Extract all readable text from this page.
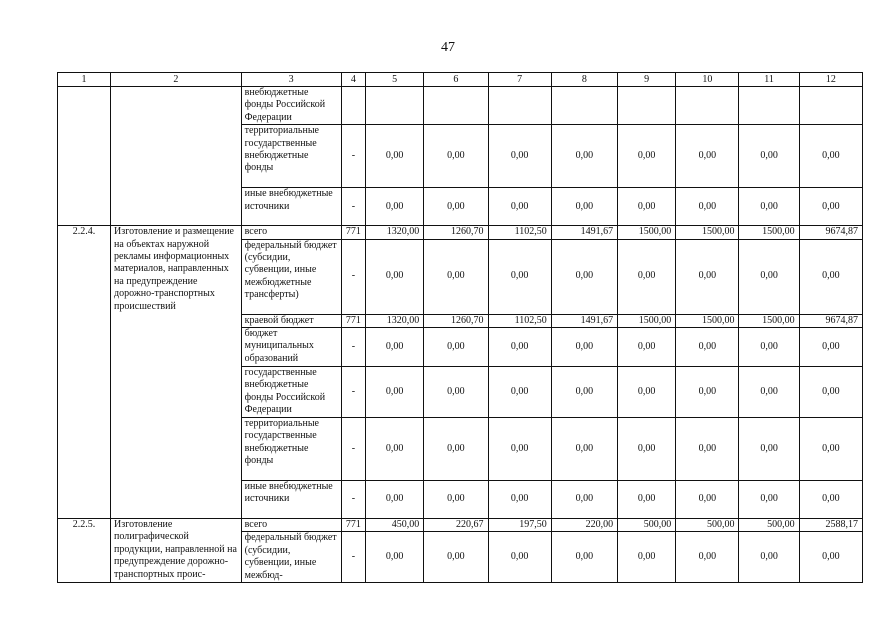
47
1	2	3	4	5	6	7	8	9	10	11	12
		внебюджетные фонды Российской Федерации									
		территориальные государственные внебюджетные фонды	-	0,00	0,00	0,00	0,00	0,00	0,00	0,00	0,00
		иные внебюджетные источники	-	0,00	0,00	0,00	0,00	0,00	0,00	0,00	0,00
2.2.4.	Изготовление и размещение на объектах наружной рекламы информационных материалов, направленных на предупреждение дорожно-транспортных происшествий	всего	771	1320,00	1260,70	1102,50	1491,67	1500,00	1500,00	1500,00	9674,87
		федеральный бюджет (субсидии, субвенции, иные межбюджетные трансферты)	-	0,00	0,00	0,00	0,00	0,00	0,00	0,00	0,00
		краевой бюджет	771	1320,00	1260,70	1102,50	1491,67	1500,00	1500,00	1500,00	9674,87
		бюджет муниципальных образований	-	0,00	0,00	0,00	0,00	0,00	0,00	0,00	0,00
		государственные внебюджетные фонды Российской Федерации	-	0,00	0,00	0,00	0,00	0,00	0,00	0,00	0,00
		территориальные государственные внебюджетные фонды	-	0,00	0,00	0,00	0,00	0,00	0,00	0,00	0,00
		иные внебюджетные источники	-	0,00	0,00	0,00	0,00	0,00	0,00	0,00	0,00
2.2.5.	Изготовление полиграфической продукции, направленной на предупреждение дорожно-транспортных проис-	всего	771	450,00	220,67	197,50	220,00	500,00	500,00	500,00	2588,17
		федеральный бюджет (субсидии, субвенции, иные межбюд-	-	0,00	0,00	0,00	0,00	0,00	0,00	0,00	0,00
